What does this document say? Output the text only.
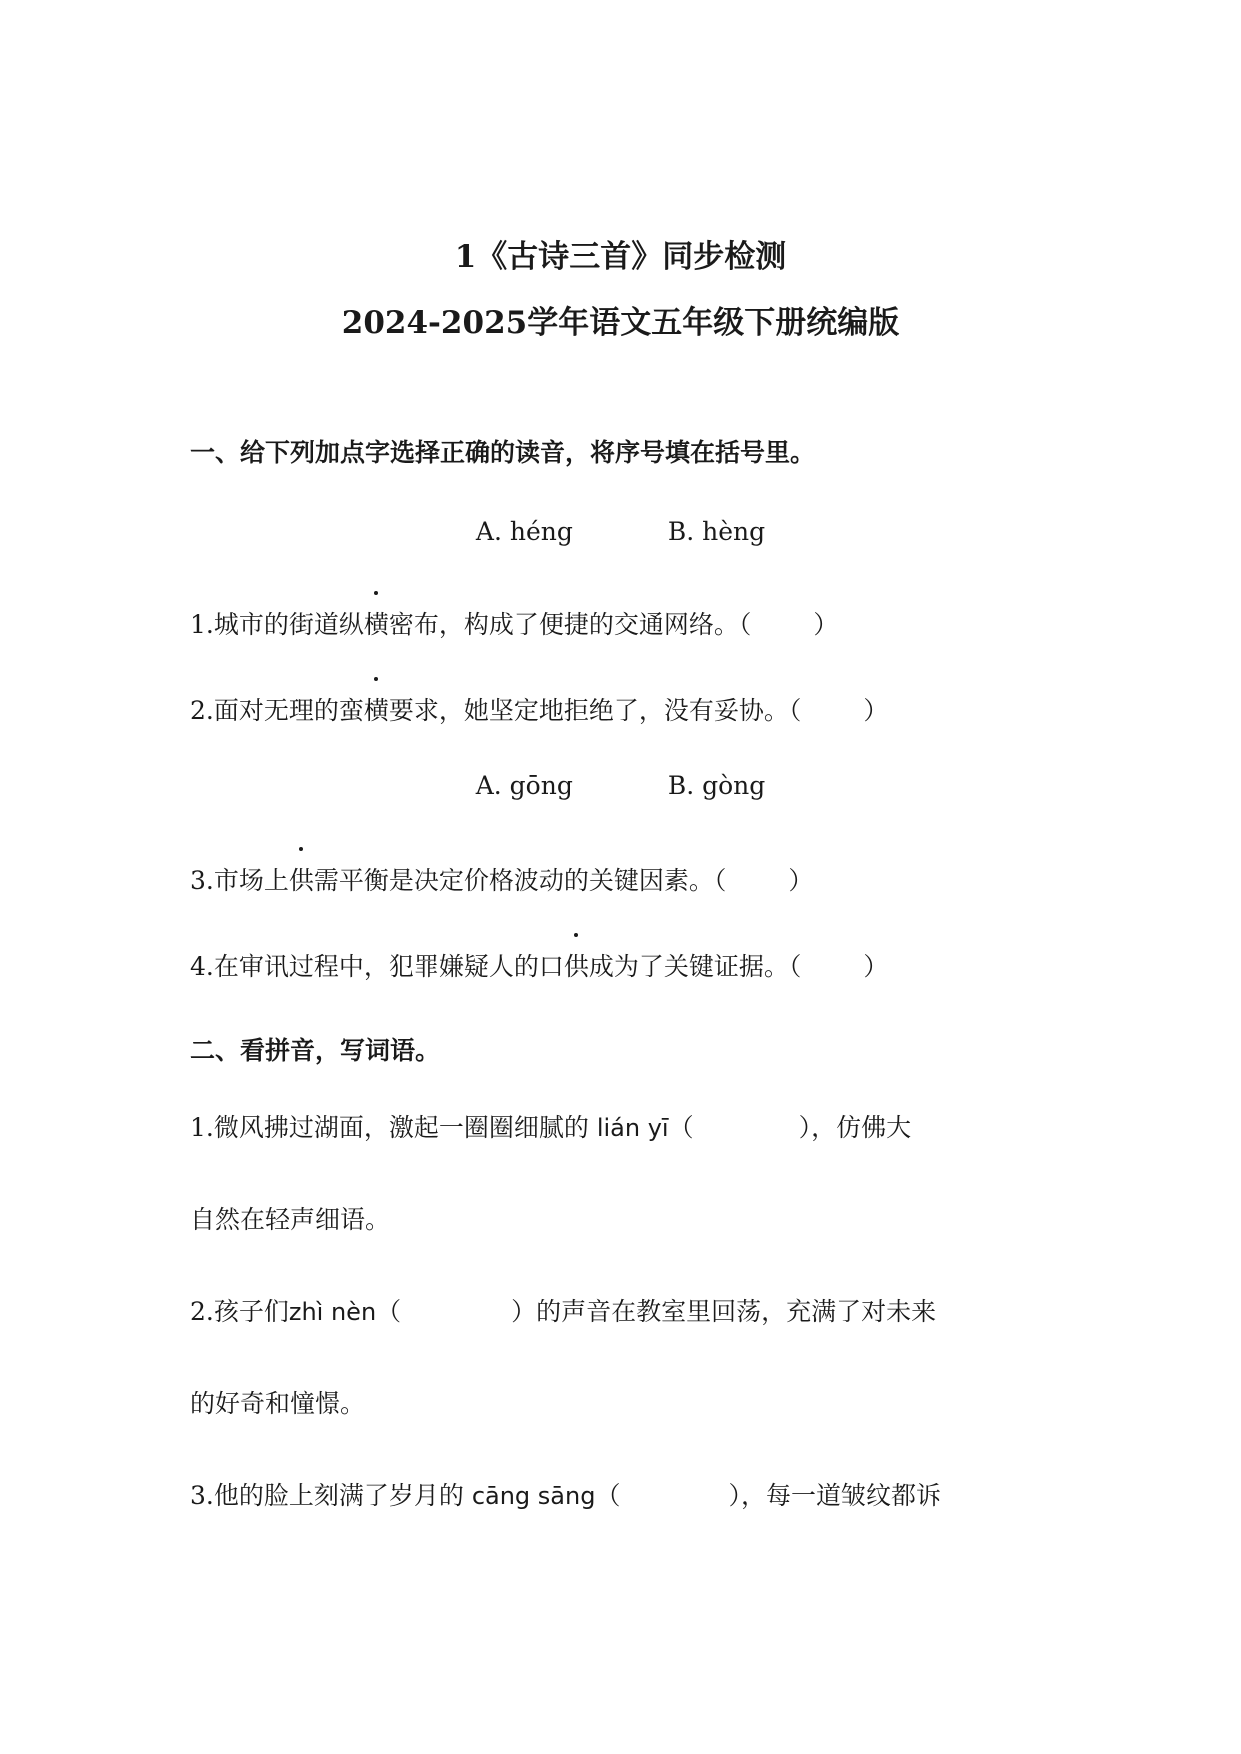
1《古诗三首》同步检测
2024-2025学年语文五年级下册统编版
一、给下列加点字选择正确的读音，将序号填在括号里。
A. héng	B. hèng
1.城市的街道纵横密布，构成了便捷的交通网络。（ ）
2.面对无理的蛮横要求，她坚定地拒绝了，没有妥协。（ ）
A. gōng	B. gòng
3.市场上供需平衡是决定价格波动的关键因素。（ ）
4.在审讯过程中，犯罪嫌疑人的口供成为了关键证据。（ ）
二、看拼音，写词语。
1.微风拂过湖面，激起一圈圈细腻的 lián yī（	），仿佛大
自然在轻声细语。
2.孩子们zhì nèn（	）的声音在教室里回荡，充满了对未来
的好奇和憧憬。
3.他的脸上刻满了岁月的 cāng sāng（	），每一道皱纹都诉
